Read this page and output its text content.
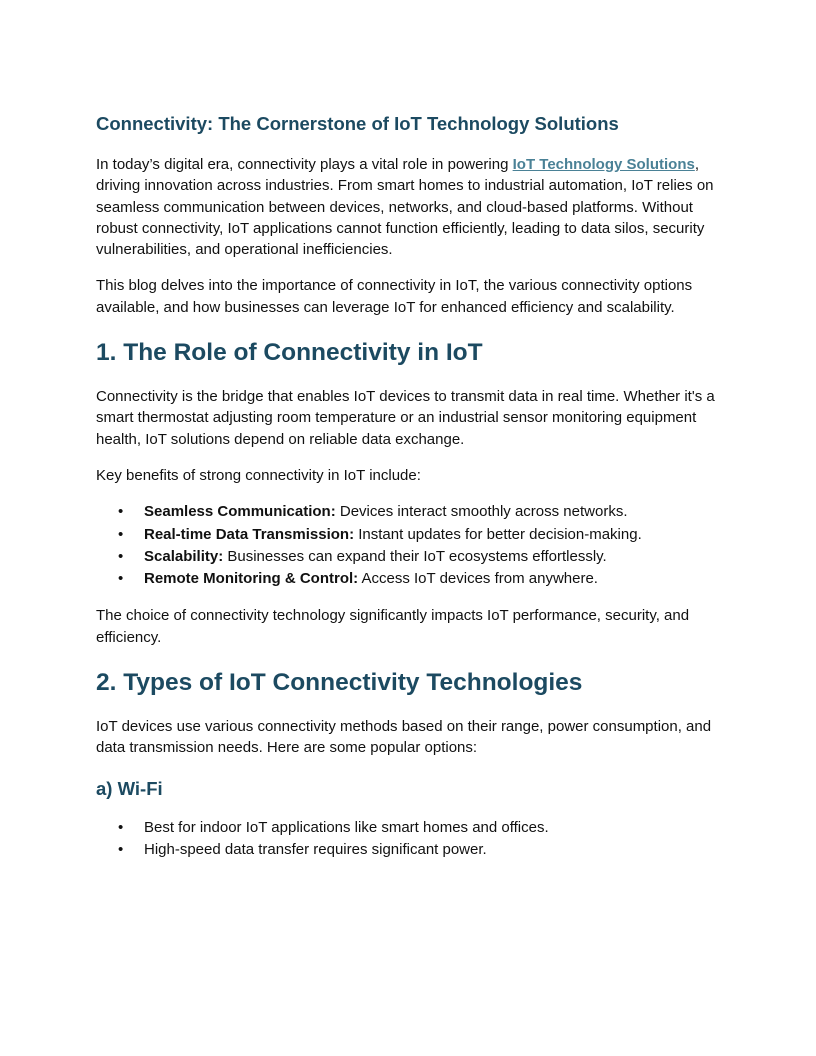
Connectivity: The Cornerstone of IoT Technology Solutions

In today’s digital era, connectivity plays a vital role in powering IoT Technology Solutions, driving innovation across industries. From smart homes to industrial automation, IoT relies on seamless communication between devices, networks, and cloud-based platforms. Without robust connectivity, IoT applications cannot function efficiently, leading to data silos, security vulnerabilities, and operational inefficiencies.

This blog delves into the importance of connectivity in IoT, the various connectivity options available, and how businesses can leverage IoT for enhanced efficiency and scalability.

1. The Role of Connectivity in IoT

Connectivity is the bridge that enables IoT devices to transmit data in real time. Whether it's a smart thermostat adjusting room temperature or an industrial sensor monitoring equipment health, IoT solutions depend on reliable data exchange.

Key benefits of strong connectivity in IoT include:

• Seamless Communication: Devices interact smoothly across networks.
• Real-time Data Transmission: Instant updates for better decision-making.
• Scalability: Businesses can expand their IoT ecosystems effortlessly.
• Remote Monitoring & Control: Access IoT devices from anywhere.

The choice of connectivity technology significantly impacts IoT performance, security, and efficiency.

2. Types of IoT Connectivity Technologies

IoT devices use various connectivity methods based on their range, power consumption, and data transmission needs. Here are some popular options:

a) Wi-Fi
• Best for indoor IoT applications like smart homes and offices.
• High-speed data transfer requires significant power.
